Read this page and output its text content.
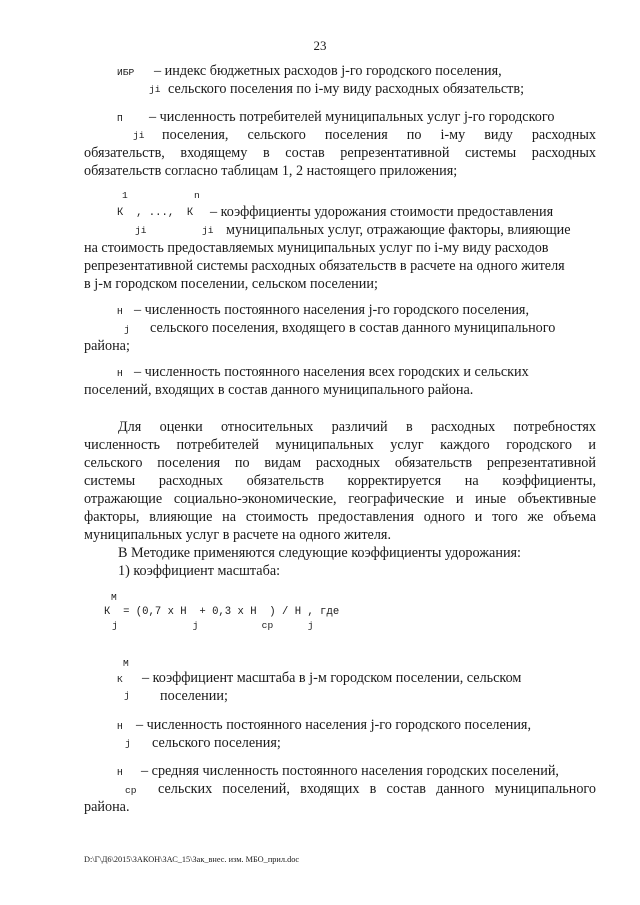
23
ИБР
ji
– индекс бюджетных расходов j-го городского поселения,
сельского поселения по i-му виду расходных обязательств;
П
ji
– численность потребителей муниципальных услуг j-го городского
поселения, сельского поселения по i-му виду расходных
обязательств, входящему в состав репрезентативной системы расходных
обязательств согласно таблицам 1, 2 настоящего приложения;
1	n
К  , ...,  К
ji	ji
– коэффициенты удорожания стоимости предоставления
муниципальных услуг, отражающие факторы, влияющие
на стоимость предоставляемых муниципальных услуг по i-му виду расходов
репрезентативной системы расходных обязательств в расчете на одного жителя
в j-м городском поселении, сельском поселении;
Н
j
– численность постоянного населения j-го городского поселения,
сельского поселения, входящего в состав данного муниципального
района;
Н – численность постоянного населения всех городских и сельских
поселений, входящих в состав данного муниципального района.
Для оценки относительных различий в расходных потребностях
численность потребителей муниципальных услуг каждого городского и
сельского поселения по видам расходных обязательств репрезентативной
системы расходных обязательств корректируется на коэффициенты,
отражающие социально-экономические, географические и иные объективные
факторы, влияющие на стоимость предоставления одного и того же объема
муниципальных услуг в расчете на одного жителя.
В Методике применяются следующие коэффициенты удорожания:
1) коэффициент масштаба:
М
К  = (0,7 х Н  + 0,3 х Н  ) / Н , где
j             j           ср      j
М
К
j
– коэффициент масштаба в j-м городском поселении, сельском
поселении;
Н
j
– численность постоянного населения j-го городского поселения,
сельского поселения;
Н
ср
– средняя численность постоянного населения городских поселений,
сельских поселений, входящих в состав данного муниципального
района.
D:\Г\Д6\2015\ЗАКОН\ЗАС_15\Зак_внес. изм. МБО_прил.doc
